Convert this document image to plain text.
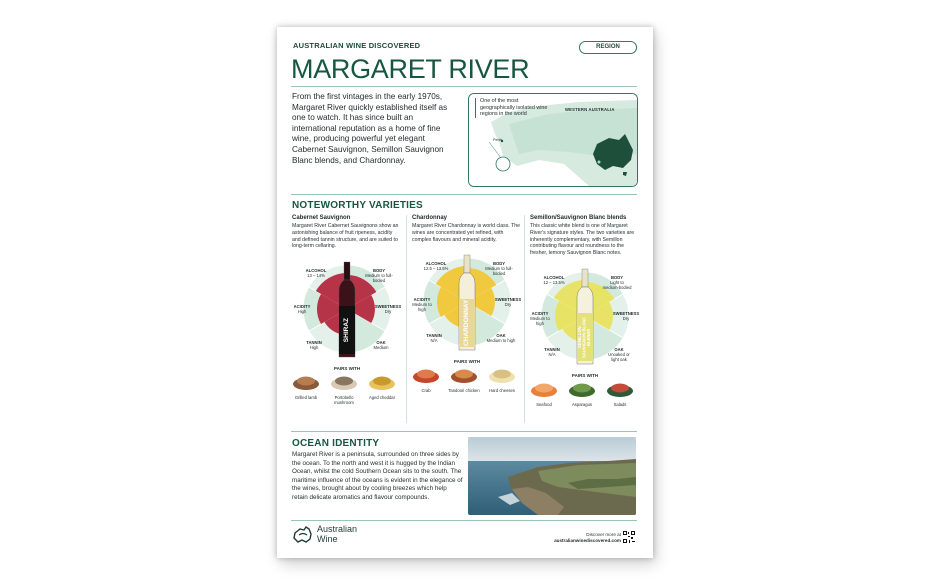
AUSTRALIAN WINE DISCOVERED	REGION
MARGARET RIVER
From the first vintages in the early 1970s, Margaret River quickly established itself as one to watch. It has since built an international reputation as a home of fine wine, producing powerful yet elegant Cabernet Sauvignon, Semillon Sauvignon Blanc blends, and Chardonnay.
One of the most geographically isolated wine regions in the world
WESTERN AUSTRALIA
Perth
NOTEWORTHY VARIETIES
Cabernet Sauvignon
Margaret River Cabernet Sauvignons show an astonishing balance of fruit ripeness, acidity and defined tannin structure, and are suited to long-term cellaring.
SHIRAZ
ALCOHOL
13 – 14%
BODY
Medium to full-bodied
SWEETNESS
Dry
OAK
Medium
TANNIN
High
ACIDITY
High
PAIRS WITH
Grilled lamb	Portobello mushroom
Aged cheddar
Chardonnay
Margaret River Chardonnay is world class. The wines are concentrated yet refined, with complex flavours and mineral acidity.
CHARDONNAY
ALCOHOL
12.5 – 13.5%
BODY
Medium to full-bodied
SWEETNESS
Dry
OAK
Medium to high
TANNIN
N/A
ACIDITY
Medium to high
PAIRS WITH
Crab	Tandoori chicken	Hard cheeses
Semillon/Sauvignon Blanc blends
This classic white blend is one of Margaret River's signature styles. The two varieties are inherently complementary, with Semillon contributing flavour and roundness to the fresher, lemony Sauvignon Blanc notes.
SEMILLON SAUVIGNON BLANC BLENDS
ALCOHOL
12 – 13.5%
BODY
Light to medium-bodied
SWEETNESS
Dry
OAK
Unoaked or light oak
TANNIN
N/A
ACIDITY
Medium to high
PAIRS WITH
Seafood	Asparagus	Salads
OCEAN IDENTITY
Margaret River is a peninsula, surrounded on three sides by the ocean. To the north and west it is hugged by the Indian Ocean, whilst the cold Southern Ocean sits to the south. The maritime influence of the oceans is evident in the elegance of the wines, brought about by cooling breezes which help retain delicate aromatics and flavour compounds.
Australian
Wine	Discover more at
australianwinediscovered.com
